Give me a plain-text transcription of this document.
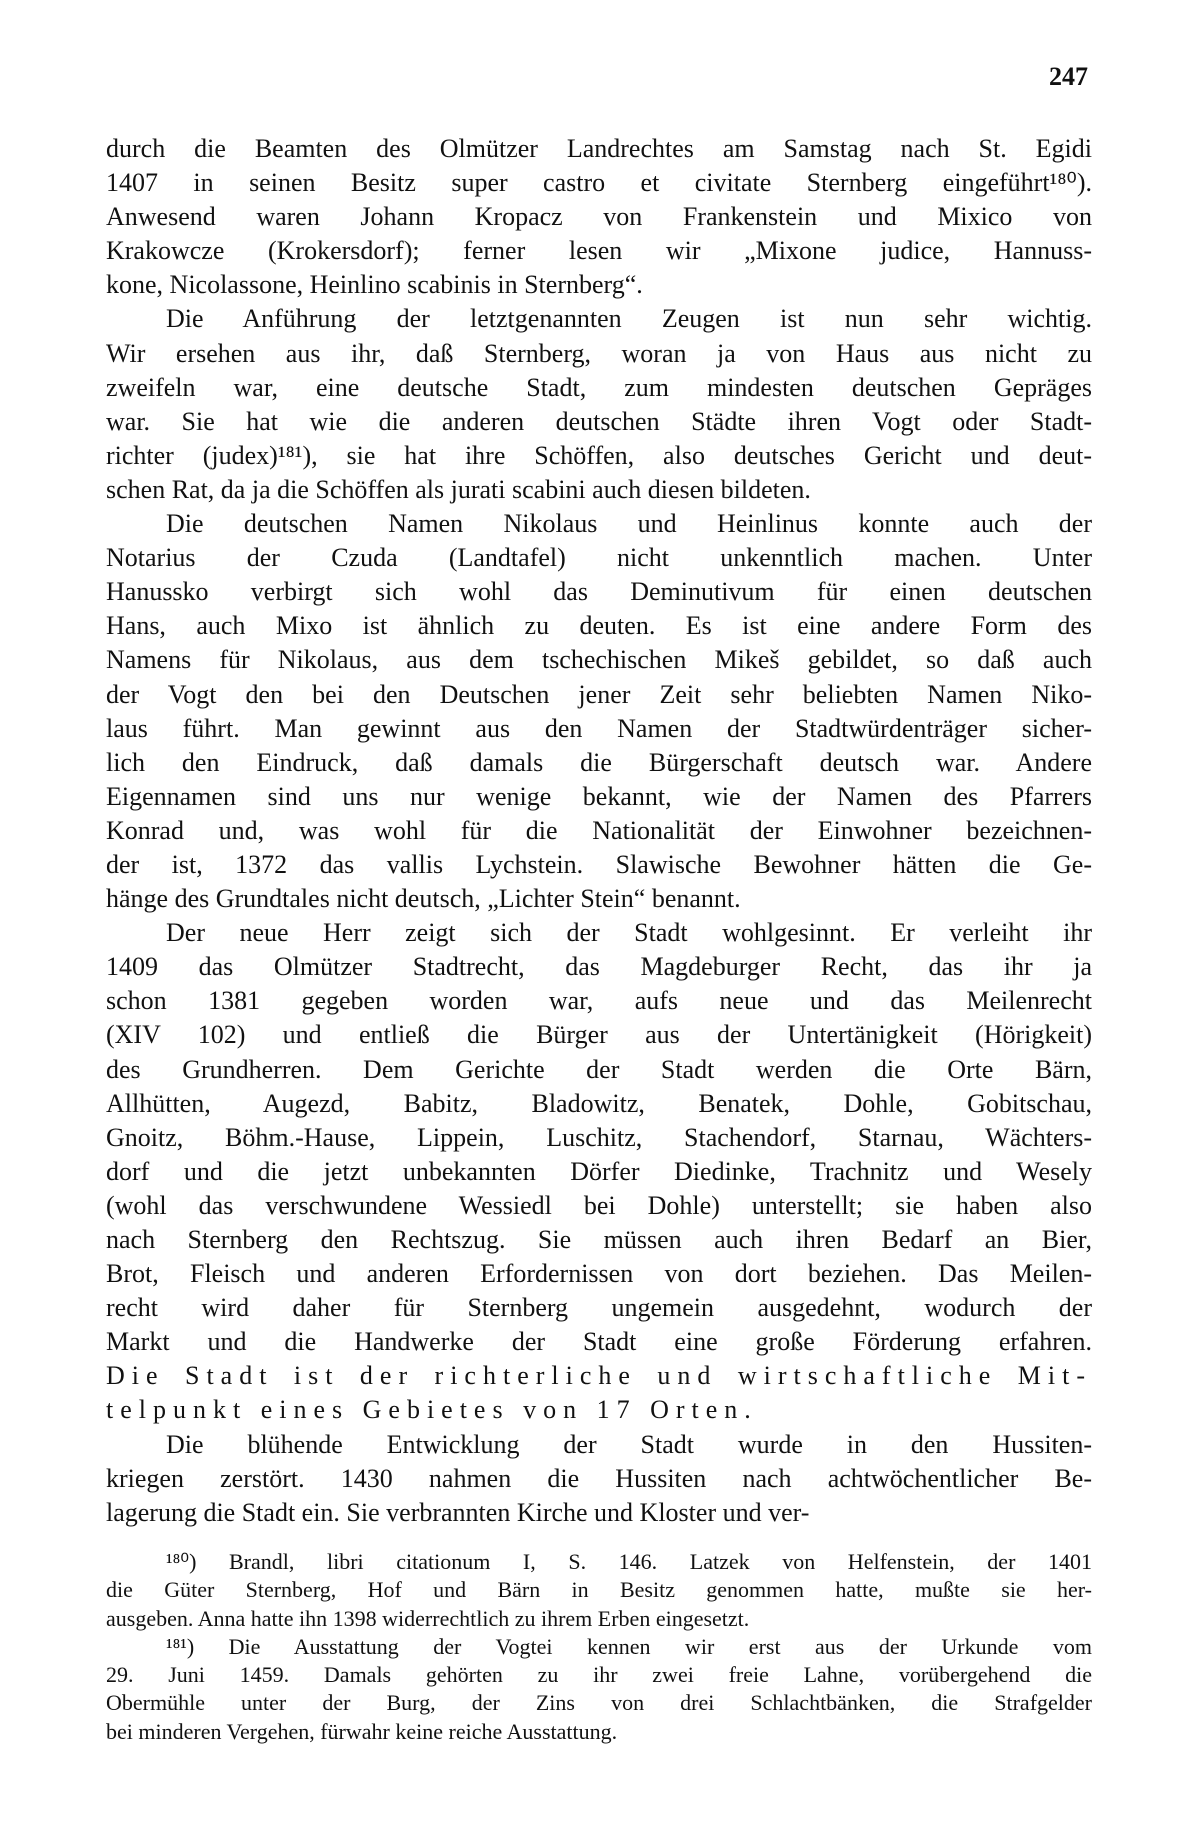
247
durch die Beamten des Olmützer Landrechtes am Samstag nach St. Egidi
1407 in seinen Besitz super castro et civitate Sternberg eingeführt¹⁸⁰).
Anwesend waren Johann Kropacz von Frankenstein und Mixico von
Krakowcze (Krokersdorf); ferner lesen wir „Mixone judice, Hannuss-
kone, Nicolassone, Heinlino scabinis in Sternberg“.
Die Anführung der letztgenannten Zeugen ist nun sehr wichtig.
Wir ersehen aus ihr, daß Sternberg, woran ja von Haus aus nicht zu
zweifeln war, eine deutsche Stadt, zum mindesten deutschen Gepräges
war. Sie hat wie die anderen deutschen Städte ihren Vogt oder Stadt-
richter (judex)¹⁸¹), sie hat ihre Schöffen, also deutsches Gericht und deut-
schen Rat, da ja die Schöffen als jurati scabini auch diesen bildeten.
Die deutschen Namen Nikolaus und Heinlinus konnte auch der
Notarius der Czuda (Landtafel) nicht unkenntlich machen. Unter
Hanussko verbirgt sich wohl das Deminutivum für einen deutschen
Hans, auch Mixo ist ähnlich zu deuten. Es ist eine andere Form des
Namens für Nikolaus, aus dem tschechischen Mikeš gebildet, so daß auch
der Vogt den bei den Deutschen jener Zeit sehr beliebten Namen Niko-
laus führt. Man gewinnt aus den Namen der Stadtwürdenträger sicher-
lich den Eindruck, daß damals die Bürgerschaft deutsch war. Andere
Eigennamen sind uns nur wenige bekannt, wie der Namen des Pfarrers
Konrad und, was wohl für die Nationalität der Einwohner bezeichnen-
der ist, 1372 das vallis Lychstein. Slawische Bewohner hätten die Ge-
hänge des Grundtales nicht deutsch, „Lichter Stein“ benannt.
Der neue Herr zeigt sich der Stadt wohlgesinnt. Er verleiht ihr
1409 das Olmützer Stadtrecht, das Magdeburger Recht, das ihr ja
schon 1381 gegeben worden war, aufs neue und das Meilenrecht
(XIV 102) und entließ die Bürger aus der Untertänigkeit (Hörigkeit)
des Grundherren. Dem Gerichte der Stadt werden die Orte Bärn,
Allhütten, Augezd, Babitz, Bladowitz, Benatek, Dohle, Gobitschau,
Gnoitz, Böhm.-Hause, Lippein, Luschitz, Stachendorf, Starnau, Wächters-
dorf und die jetzt unbekannten Dörfer Diedinke, Trachnitz und Wesely
(wohl das verschwundene Wessiedl bei Dohle) unterstellt; sie haben also
nach Sternberg den Rechtszug. Sie müssen auch ihren Bedarf an Bier,
Brot, Fleisch und anderen Erfordernissen von dort beziehen. Das Meilen-
recht wird daher für Sternberg ungemein ausgedehnt, wodurch der
Markt und die Handwerke der Stadt eine große Förderung erfahren.
Die Stadt ist der richterliche und wirtschaftliche Mit-
telpunkt eines Gebietes von 17 Orten.
Die blühende Entwicklung der Stadt wurde in den Hussiten-
kriegen zerstört. 1430 nahmen die Hussiten nach achtwöchentlicher Be-
lagerung die Stadt ein. Sie verbrannten Kirche und Kloster und ver-
¹⁸⁰) Brandl, libri citationum I, S. 146. Latzek von Helfenstein, der 1401
die Güter Sternberg, Hof und Bärn in Besitz genommen hatte, mußte sie her-
ausgeben. Anna hatte ihn 1398 widerrechtlich zu ihrem Erben eingesetzt.
¹⁸¹) Die Ausstattung der Vogtei kennen wir erst aus der Urkunde vom
29. Juni 1459. Damals gehörten zu ihr zwei freie Lahne, vorübergehend die
Obermühle unter der Burg, der Zins von drei Schlachtbänken, die Strafgelder
bei minderen Vergehen, fürwahr keine reiche Ausstattung.
